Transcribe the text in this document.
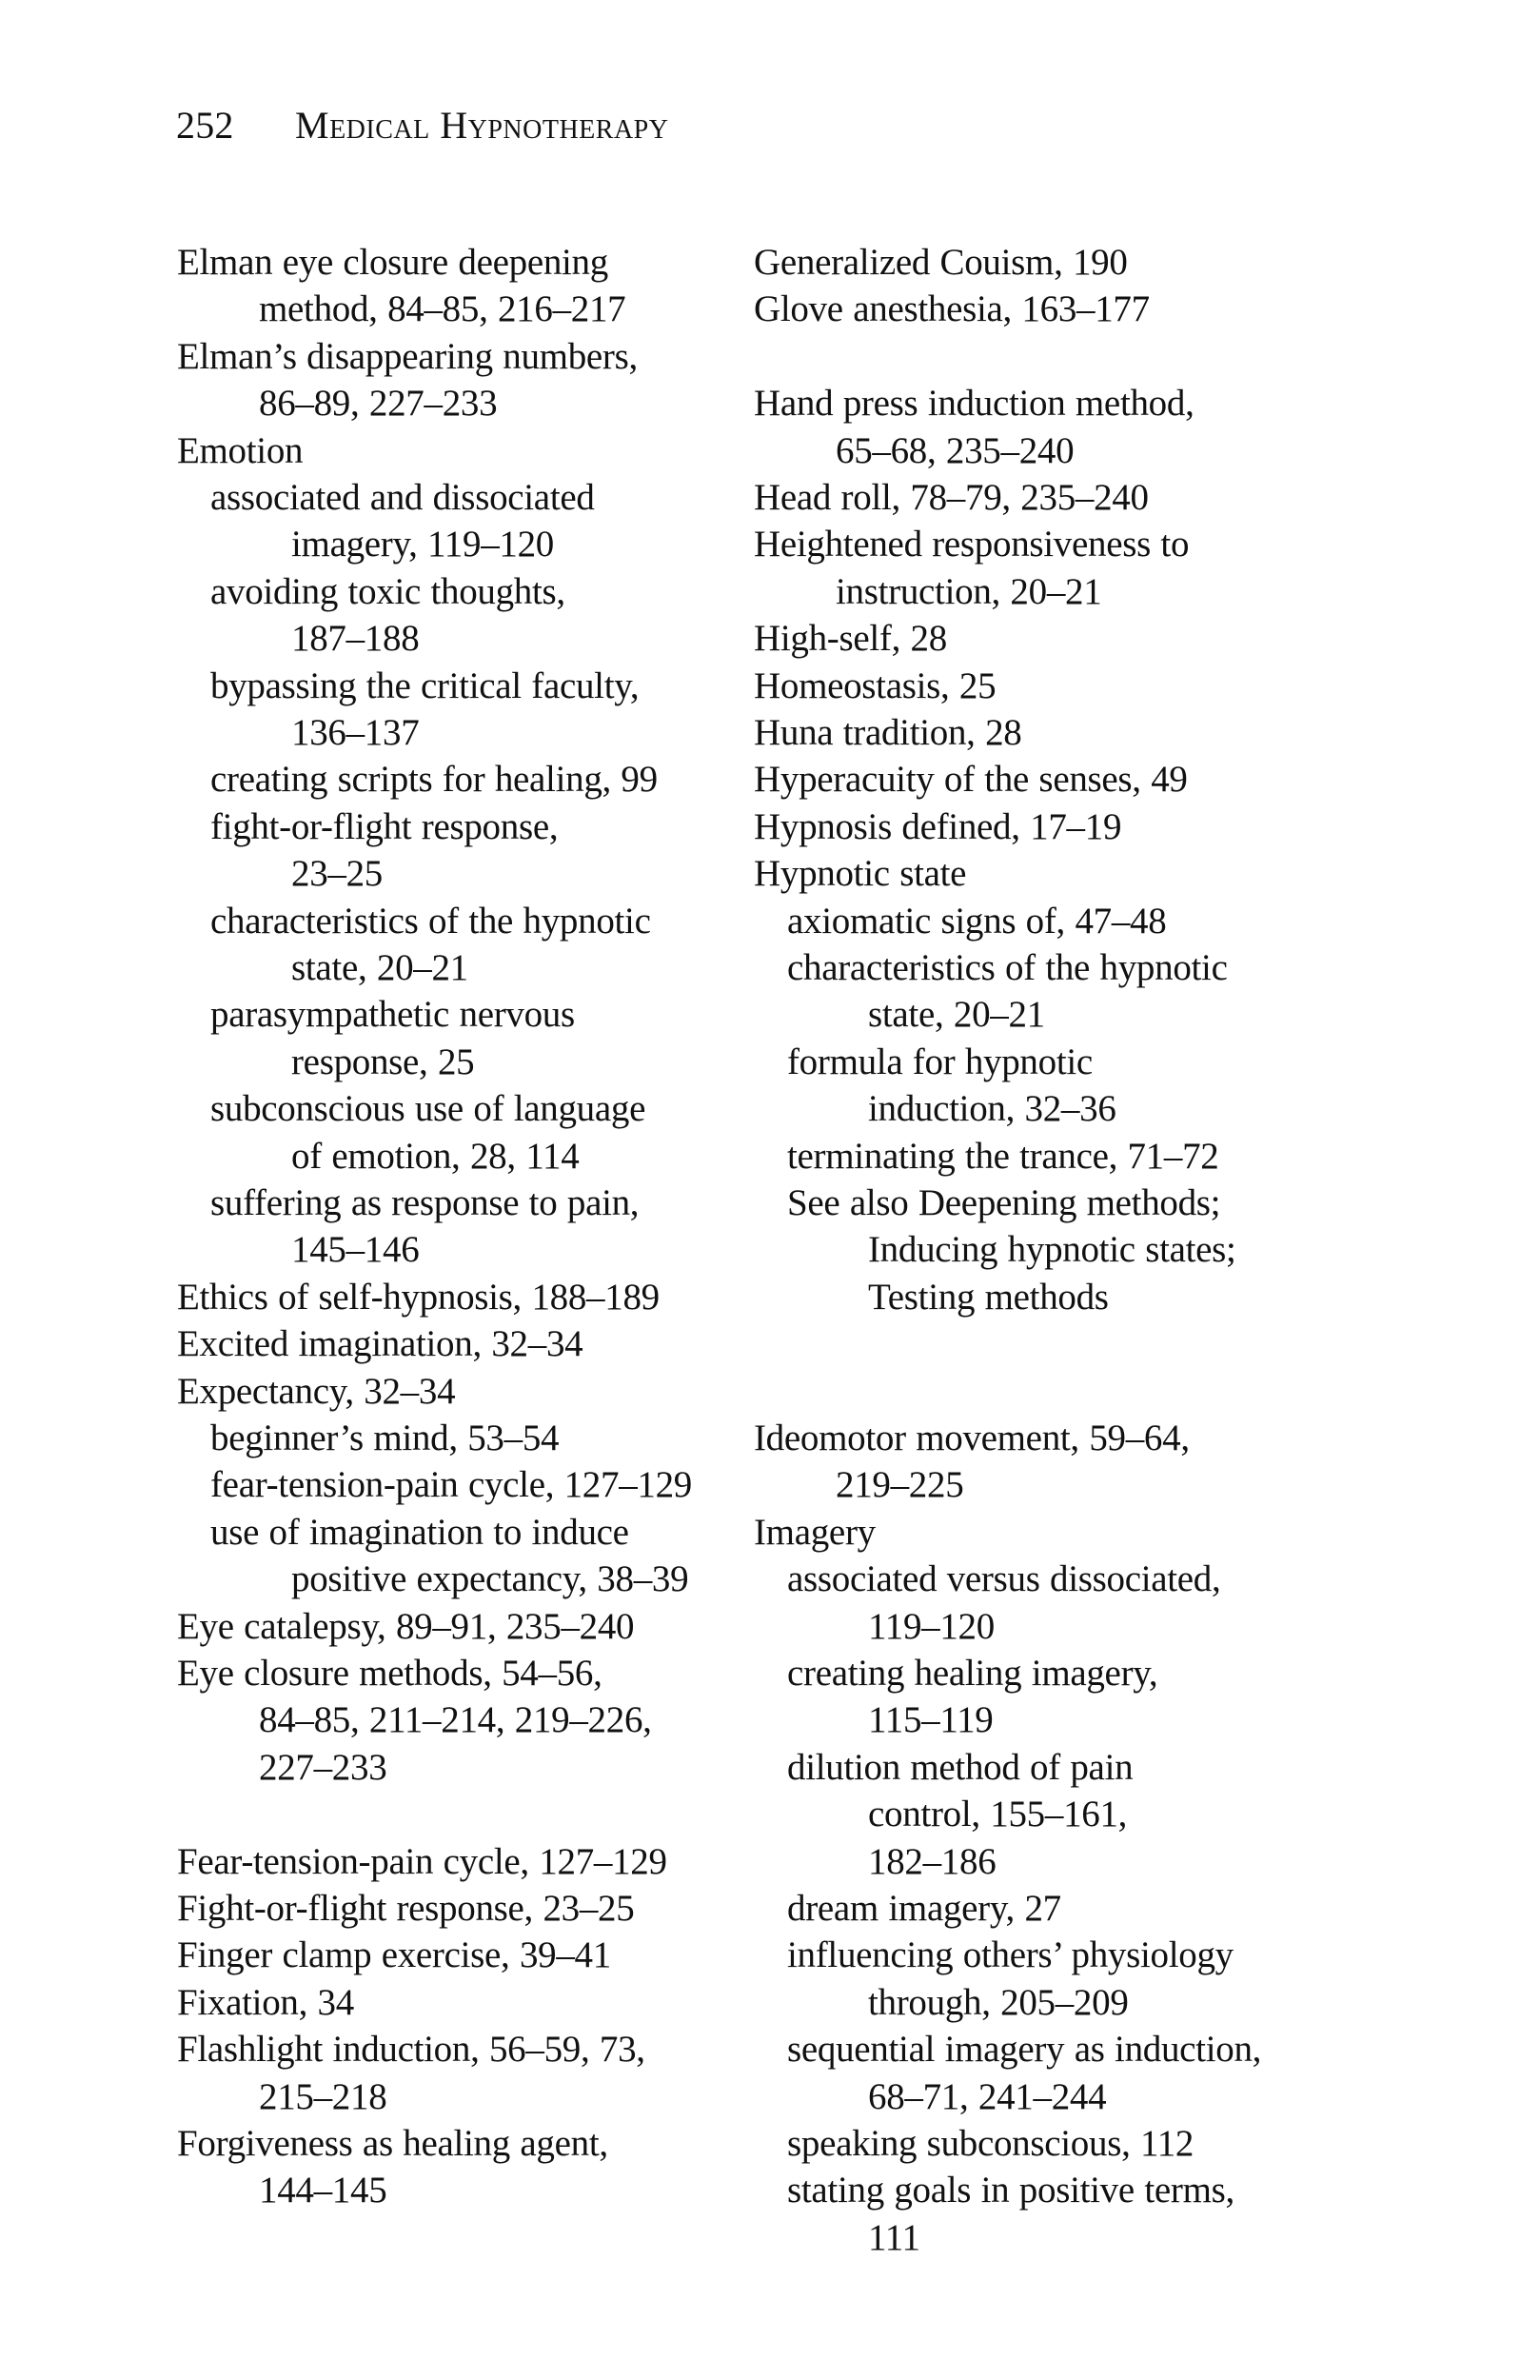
252 Medical Hypnotherapy
Elman eye closure deepening
method, 84–85, 216–217
Elman’s disappearing numbers,
86–89, 227–233
Emotion
associated and dissociated
imagery, 119–120
avoiding toxic thoughts,
187–188
bypassing the critical faculty,
136–137
creating scripts for healing, 99
fight-or-flight response,
23–25
characteristics of the hypnotic
state, 20–21
parasympathetic nervous
response, 25
subconscious use of language
of emotion, 28, 114
suffering as response to pain,
145–146
Ethics of self-hypnosis, 188–189
Excited imagination, 32–34
Expectancy, 32–34
beginner’s mind, 53–54
fear-tension-pain cycle, 127–129
use of imagination to induce
positive expectancy, 38–39
Eye catalepsy, 89–91, 235–240
Eye closure methods, 54–56,
84–85, 211–214, 219–226,
227–233
Fear-tension-pain cycle, 127–129
Fight-or-flight response, 23–25
Finger clamp exercise, 39–41
Fixation, 34
Flashlight induction, 56–59, 73,
215–218
Forgiveness as healing agent,
144–145
Generalized Couism, 190
Glove anesthesia, 163–177
Hand press induction method,
65–68, 235–240
Head roll, 78–79, 235–240
Heightened responsiveness to
instruction, 20–21
High-self, 28
Homeostasis, 25
Huna tradition, 28
Hyperacuity of the senses, 49
Hypnosis defined, 17–19
Hypnotic state
axiomatic signs of, 47–48
characteristics of the hypnotic
state, 20–21
formula for hypnotic
induction, 32–36
terminating the trance, 71–72
See also Deepening methods;
Inducing hypnotic states;
Testing methods
Ideomotor movement, 59–64,
219–225
Imagery
associated versus dissociated,
119–120
creating healing imagery,
115–119
dilution method of pain
control, 155–161,
182–186
dream imagery, 27
influencing others’ physiology
through, 205–209
sequential imagery as induction,
68–71, 241–244
speaking subconscious, 112
stating goals in positive terms,
111
